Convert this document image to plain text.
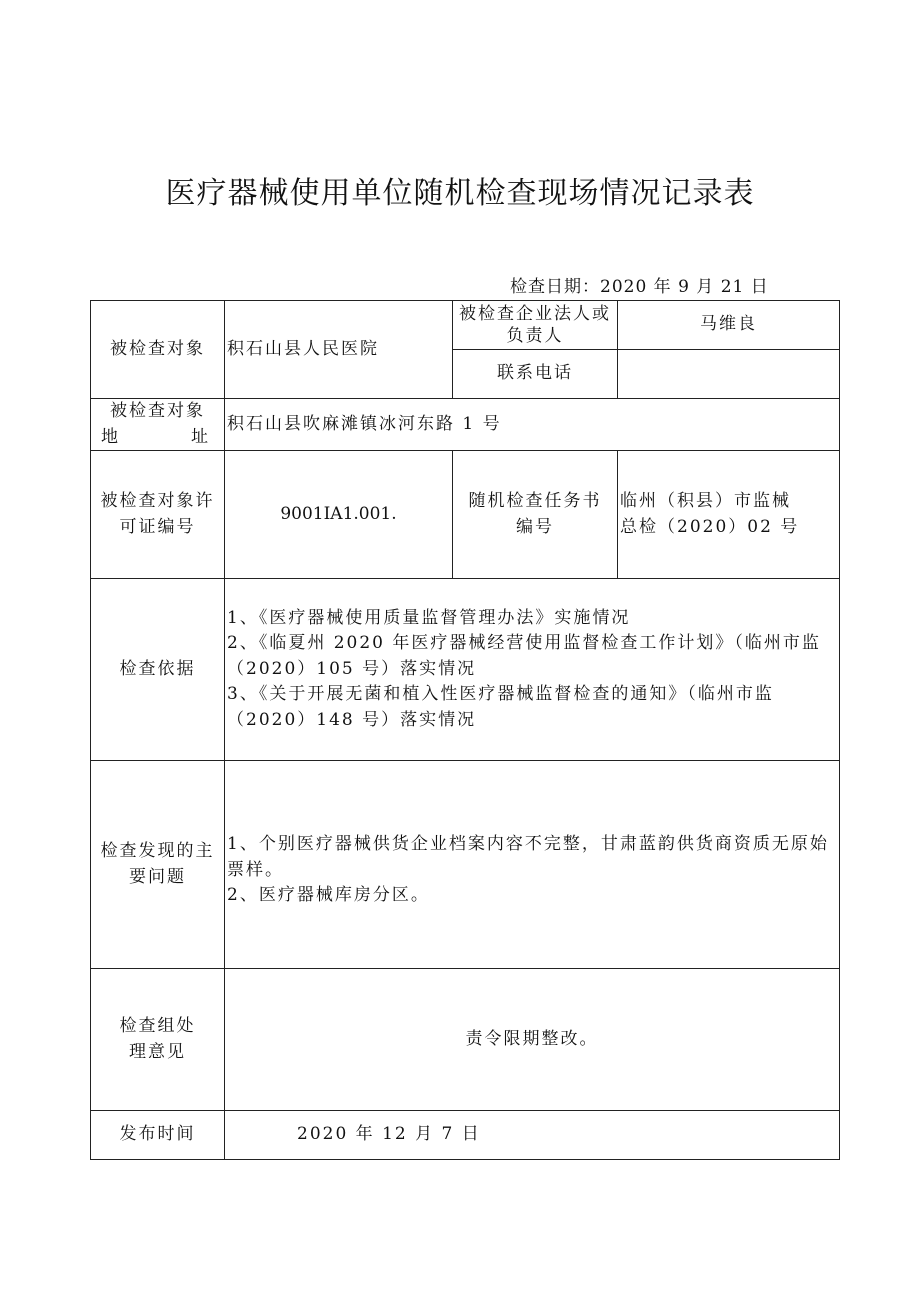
医疗器械使用单位随机检查现场情况记录表
检查日期：2020 年 9 月 21 日
被检查对象	积石山县人民医院	被检查企业法人或负责人	马维良
		联系电话	

被检查对象
地 址	积石山县吹麻滩镇冰河东路 1 号		
被检查对象许可证编号	9001IA1.001.	随机检查任务书编号	临州（积县）市监械
总检（2020）02 号

检查依据	1、《医疗器械使用质量监督管理办法》实施情况
2、《临夏州 2020 年医疗器械经营使用监督检查工作计划》（临州市监（2020）105 号）落实情况
3、《关于开展无菌和植入性医疗器械监督检查的通知》（临州市监（2020）148 号）落实情况		

检查发现的主要问题	1、个别医疗器械供货企业档案内容不完整，甘肃蓝韵供货商资质无原始票样。
2、医疗器械库房分区。		

检查组处理意见	责令限期整改。		
发布时间	2020 年 12 月 7 日		
